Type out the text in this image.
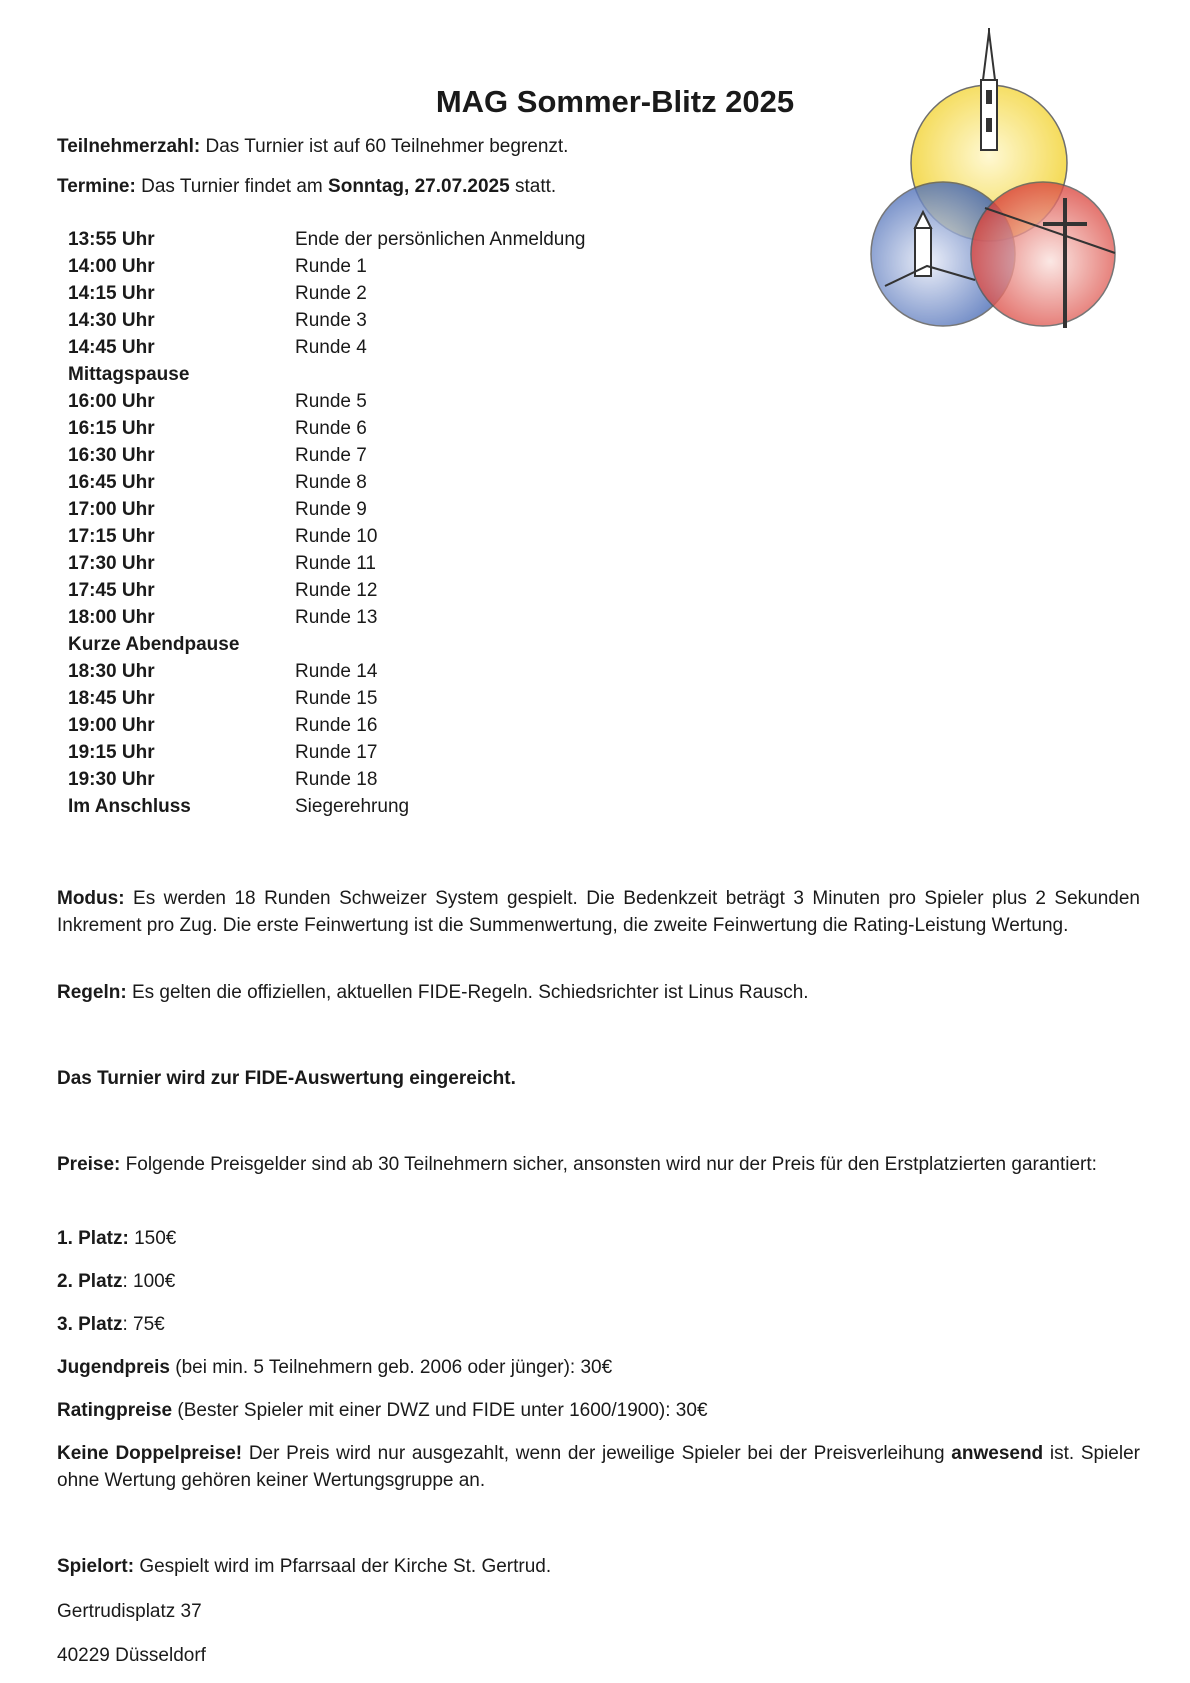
MAG Sommer-Blitz 2025

Teilnehmerzahl: Das Turnier ist auf 60 Teilnehmer begrenzt.

Termine: Das Turnier findet am Sonntag, 27.07.2025 statt.

13:55 Uhr	Ende der persönlichen Anmeldung
14:00 Uhr	Runde 1
14:15 Uhr	Runde 2
14:30 Uhr	Runde 3
14:45 Uhr	Runde 4
Mittagspause
16:00 Uhr	Runde 5
16:15 Uhr	Runde 6
16:30 Uhr	Runde 7
16:45 Uhr	Runde 8
17:00 Uhr	Runde 9
17:15 Uhr	Runde 10
17:30 Uhr	Runde 11
17:45 Uhr	Runde 12
18:00 Uhr	Runde 13
Kurze Abendpause
18:30 Uhr	Runde 14
18:45 Uhr	Runde 15
19:00 Uhr	Runde 16
19:15 Uhr	Runde 17
19:30 Uhr	Runde 18
Im Anschluss	Siegerehrung

Modus: Es werden 18 Runden Schweizer System gespielt. Die Bedenkzeit beträgt 3 Minuten pro Spieler plus 2 Sekunden Inkrement pro Zug. Die erste Feinwertung ist die Summenwertung, die zweite Feinwertung die Rating-Leistung Wertung.

Regeln: Es gelten die offiziellen, aktuellen FIDE-Regeln. Schiedsrichter ist Linus Rausch.

Das Turnier wird zur FIDE-Auswertung eingereicht.

Preise: Folgende Preisgelder sind ab 30 Teilnehmern sicher, ansonsten wird nur der Preis für den Erstplatzierten garantiert:

1. Platz: 150€

2. Platz: 100€

3. Platz: 75€

Jugendpreis (bei min. 5 Teilnehmern geb. 2006 oder jünger): 30€

Ratingpreise (Bester Spieler mit einer DWZ und FIDE unter 1600/1900): 30€

Keine Doppelpreise! Der Preis wird nur ausgezahlt, wenn der jeweilige Spieler bei der Preisverleihung anwesend ist. Spieler ohne Wertung gehören keiner Wertungsgruppe an.

Spielort: Gespielt wird im Pfarrsaal der Kirche St. Gertrud.

Gertrudisplatz 37

40229 Düsseldorf
